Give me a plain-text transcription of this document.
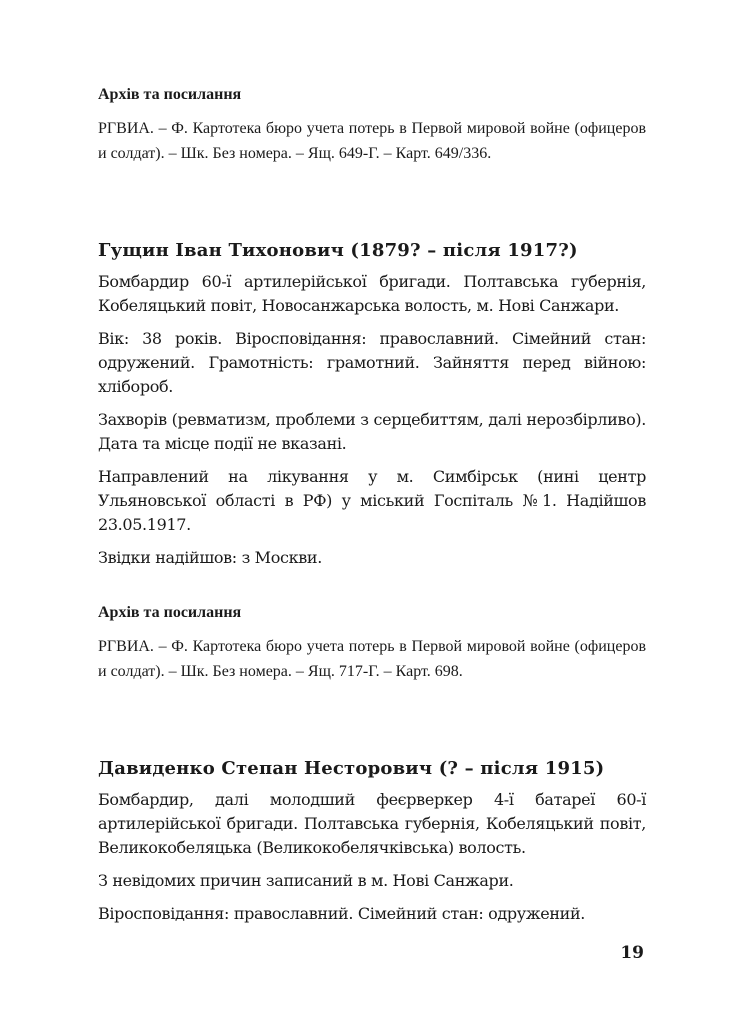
Архів та посилання

РГВИА. – Ф. Картотека бюро учета потерь в Первой мировой войне (офицеров и солдат). – Шк. Без номера. – Ящ. 649-Г. – Карт. 649/336.

Гущин Іван Тихонович (1879? – після 1917?)

Бомбардир 60-ї артилерійської бригади. Полтавська губернія, Кобеляцький повіт, Новосанжарська волость, м. Нові Санжари.

Вік: 38 років. Віросповідання: православний. Сімейний стан: одружений. Грамотність: грамотний. Зайняття перед війною: хлібороб.

Захворів (ревматизм, проблеми з серцебиттям, далі нерозбірливо). Дата та місце події не вказані.

Направлений на лікування у м. Симбірськ (нині центр Ульяновської області в РФ) у міський Госпіталь №1. Надійшов 23.05.1917.

Звідки надійшов: з Москви.

Архів та посилання

РГВИА. – Ф. Картотека бюро учета потерь в Первой мировой войне (офицеров и солдат). – Шк. Без номера. – Ящ. 717-Г. – Карт. 698.

Давиденко Степан Несторович (? – після 1915)

Бомбардир, далі молодший феєрверкер 4-ї батареї 60-ї артилерійської бригади. Полтавська губернія, Кобеляцький повіт, Великокобеляцька (Великокобелячківська) волость.

З невідомих причин записаний в м. Нові Санжари.

Віросповідання: православний. Сімейний стан: одружений.

19
